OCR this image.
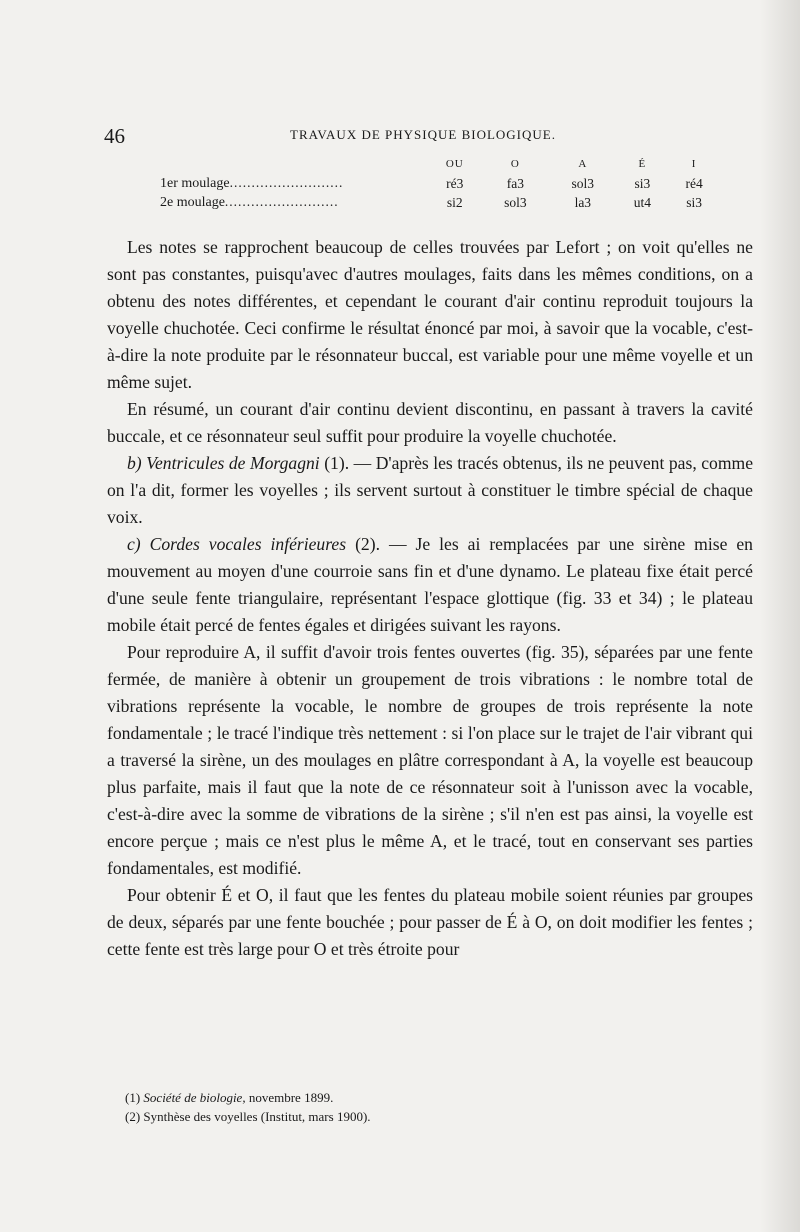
46	TRAVAUX DE PHYSIQUE BIOLOGIQUE.
	OU	O	A	É	I
1er moulage..........................	ré3	fa3	sol3	si3	ré4
2e moulage..........................	si2	sol3	la3	ut4	si3

Les notes se rapprochent beaucoup de celles trouvées par Lefort ; on voit qu'elles ne sont pas constantes, puisqu'avec d'autres moulages, faits dans les mêmes conditions, on a obtenu des notes différentes, et cependant le courant d'air continu reproduit toujours la voyelle chuchotée. Ceci confirme le résultat énoncé par moi, à savoir que la vocable, c'est-à-dire la note produite par le résonnateur buccal, est variable pour une même voyelle et un même sujet.

En résumé, un courant d'air continu devient discontinu, en passant à travers la cavité buccale, et ce résonnateur seul suffit pour produire la voyelle chuchotée.

b) Ventricules de Morgagni (1). — D'après les tracés obtenus, ils ne peuvent pas, comme on l'a dit, former les voyelles ; ils servent surtout à constituer le timbre spécial de chaque voix.

c) Cordes vocales inférieures (2). — Je les ai remplacées par une sirène mise en mouvement au moyen d'une courroie sans fin et d'une dynamo. Le plateau fixe était percé d'une seule fente triangulaire, représentant l'espace glottique (fig. 33 et 34) ; le plateau mobile était percé de fentes égales et dirigées suivant les rayons.

Pour reproduire A, il suffit d'avoir trois fentes ouvertes (fig. 35), séparées par une fente fermée, de manière à obtenir un groupement de trois vibrations : le nombre total de vibrations représente la vocable, le nombre de groupes de trois représente la note fondamentale ; le tracé l'indique très nettement : si l'on place sur le trajet de l'air vibrant qui a traversé la sirène, un des moulages en plâtre correspondant à A, la voyelle est beaucoup plus parfaite, mais il faut que la note de ce résonnateur soit à l'unisson avec la vocable, c'est-à-dire avec la somme de vibrations de la sirène ; s'il n'en est pas ainsi, la voyelle est encore perçue ; mais ce n'est plus le même A, et le tracé, tout en conservant ses parties fondamentales, est modifié.

Pour obtenir É et O, il faut que les fentes du plateau mobile soient réunies par groupes de deux, séparés par une fente bouchée ; pour passer de É à O, on doit modifier les fentes ; cette fente est très large pour O et très étroite pour

(1) Société de biologie, novembre 1899.

(2) Synthèse des voyelles (Institut, mars 1900).
